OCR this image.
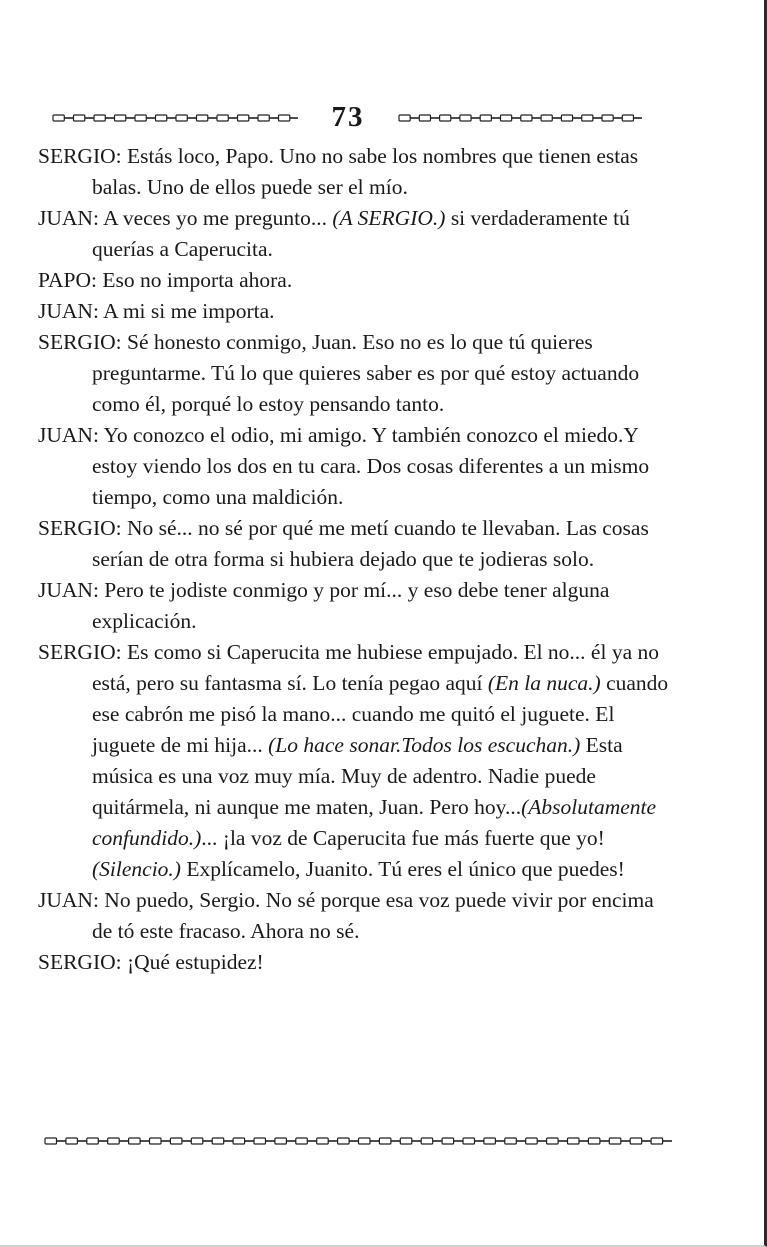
73

SERGIO: Estás loco, Papo. Uno no sabe los nombres que tienen estas balas. Uno de ellos puede ser el mío.

JUAN: A veces yo me pregunto... (A SERGIO.) si verdaderamente tú querías a Caperucita.

PAPO: Eso no importa ahora.

JUAN: A mi si me importa.

SERGIO: Sé honesto conmigo, Juan. Eso no es lo que tú quieres preguntarme. Tú lo que quieres saber es por qué estoy actuando como él, porqué lo estoy pensando tanto.

JUAN: Yo conozco el odio, mi amigo. Y también conozco el miedo.Y estoy viendo los dos en tu cara. Dos cosas diferentes a un mismo tiempo, como una maldición.

SERGIO: No sé... no sé por qué me metí cuando te llevaban. Las cosas serían de otra forma si hubiera dejado que te jodieras solo.

JUAN: Pero te jodiste conmigo y por mí... y eso debe tener alguna explicación.

SERGIO: Es como si Caperucita me hubiese empujado. El no... él ya no está, pero su fantasma sí. Lo tenía pegao aquí (En la nuca.) cuando ese cabrón me pisó la mano... cuando me quitó el juguete. El juguete de mi hija... (Lo hace sonar.Todos los escuchan.) Esta música es una voz muy mía. Muy de adentro. Nadie puede quitármela, ni aunque me maten, Juan. Pero hoy...(Absolutamente confundido.)... ¡la voz de Caperucita fue más fuerte que yo! (Silencio.) Explícamelo, Juanito. Tú eres el único que puedes!

JUAN: No puedo, Sergio. No sé porque esa voz puede vivir por encima de tó este fracaso. Ahora no sé.

SERGIO: ¡Qué estupidez!
